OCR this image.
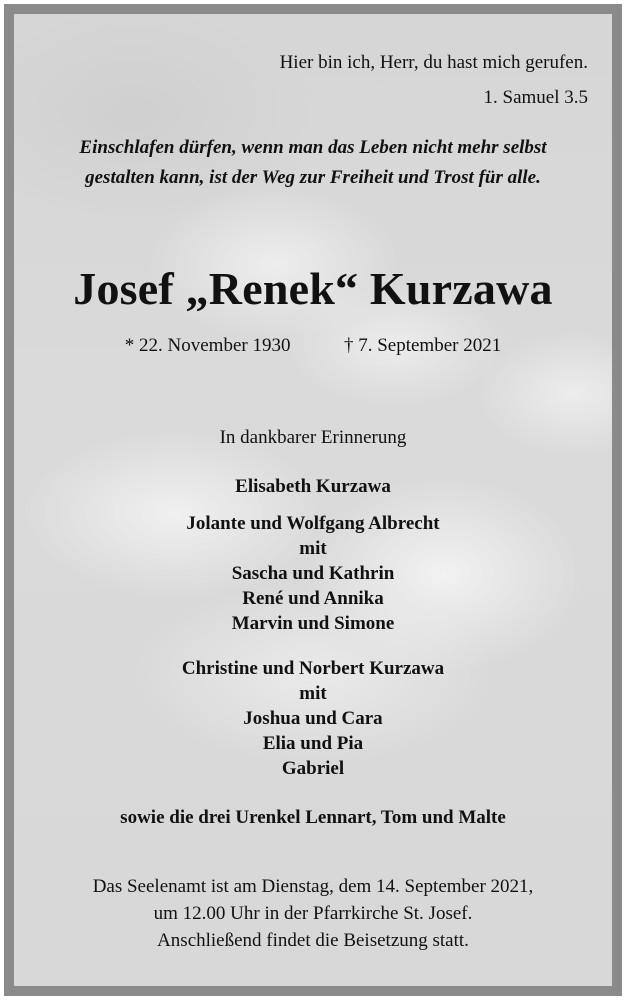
Hier bin ich, Herr, du hast mich gerufen.
1. Samuel 3.5
Einschlafen dürfen, wenn man das Leben nicht mehr selbst
gestalten kann, ist der Weg zur Freiheit und Trost für alle.
Josef „Renek“ Kurzawa
* 22. November 1930	† 7. September 2021
In dankbarer Erinnerung
Elisabeth Kurzawa
Jolante und Wolfgang Albrecht
mit
Sascha und Kathrin
René und Annika
Marvin und Simone
Christine und Norbert Kurzawa
mit
Joshua und Cara
Elia und Pia
Gabriel
sowie die drei Urenkel Lennart, Tom und Malte
Das Seelenamt ist am Dienstag, dem 14. September 2021,
um 12.00 Uhr in der Pfarrkirche St. Josef.
Anschließend findet die Beisetzung statt.
